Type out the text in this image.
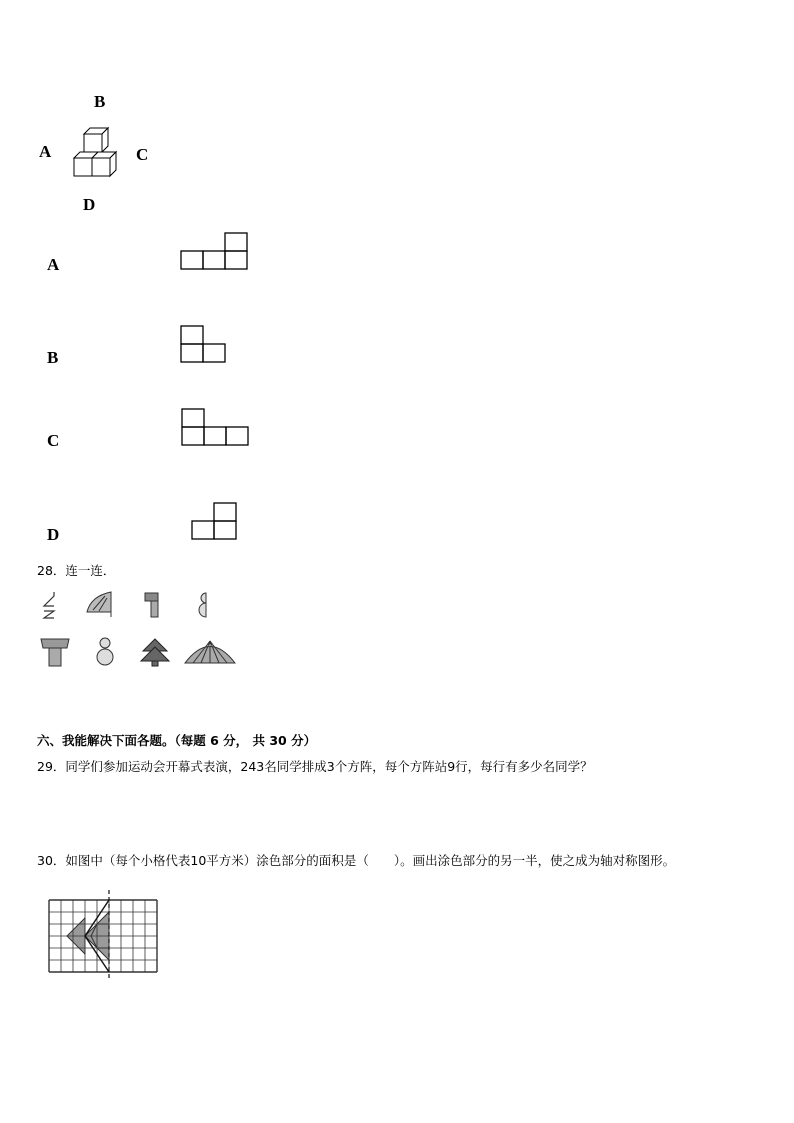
B
A	C
D
A
B
C
D
28．连一连．
六、我能解决下面各题。（每题 6 分， 共 30 分）
29．同学们参加运动会开幕式表演，243名同学排成3个方阵，每个方阵站9行，每行有多少名同学？
30．如图中（每个小格代表10平方米）涂色部分的面积是（　　）。画出涂色部分的另一半，使之成为轴对称图形。
